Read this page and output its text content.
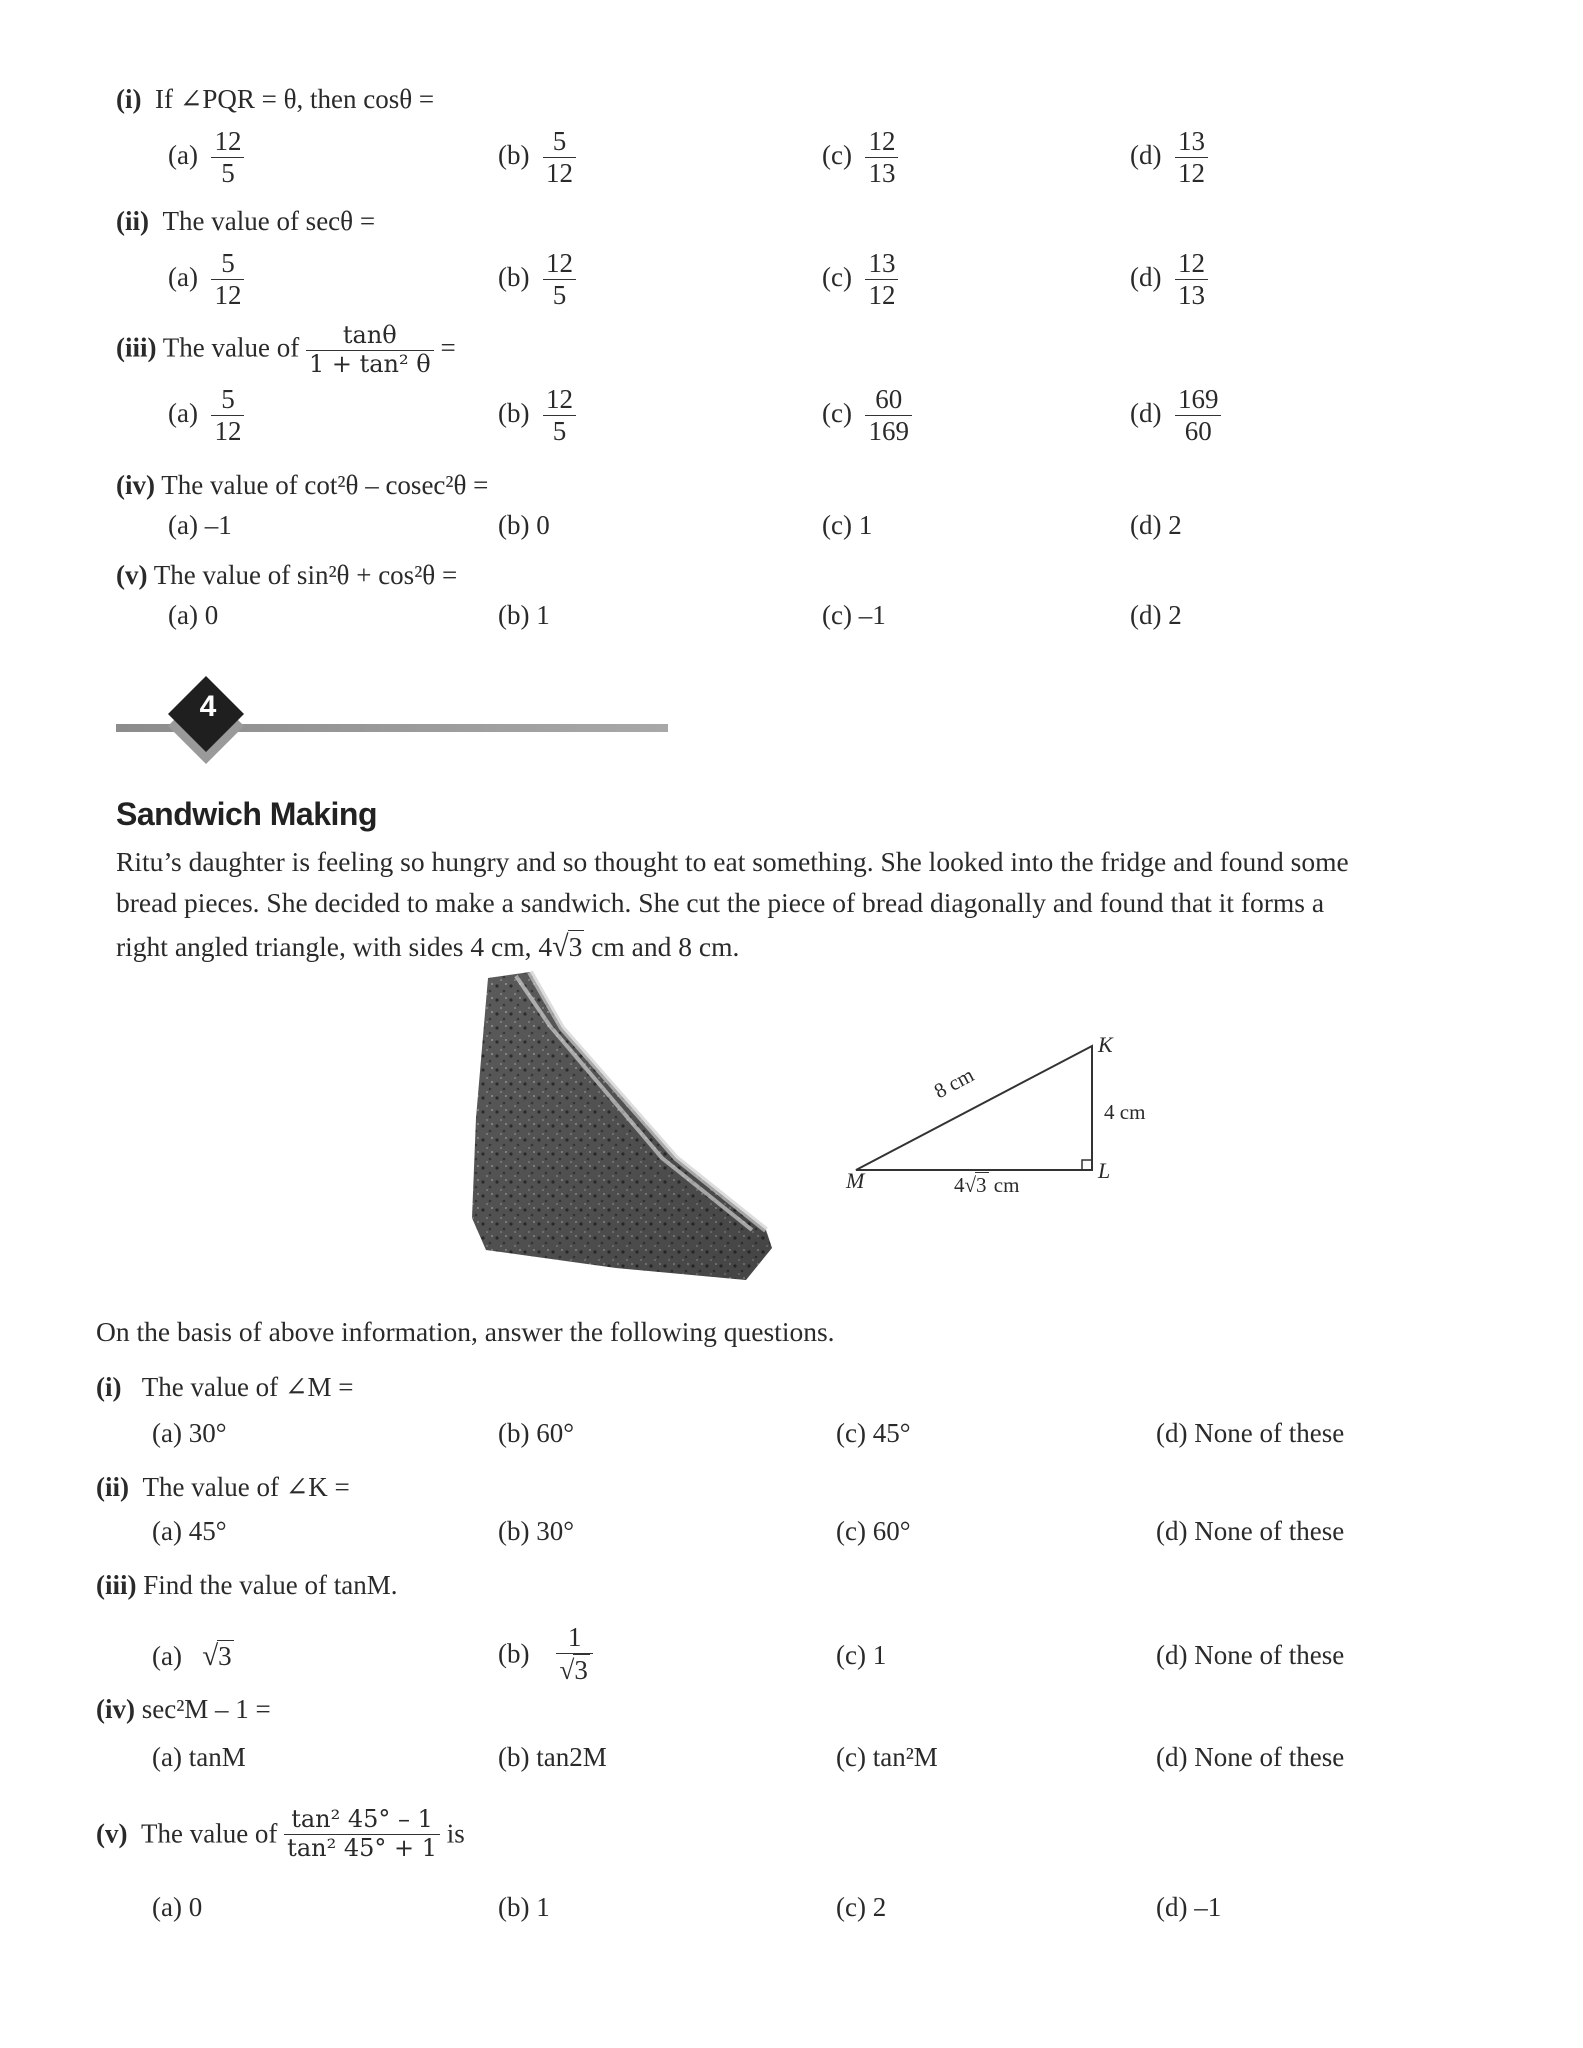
(i) If ∠PQR = θ, then cosθ =
$(a) \frac{12}{5}$	$(b) \frac{5}{12}$	$(c) \frac{12}{13}$	$(d) \frac{13}{12}$
(ii) The value of secθ =
$(a) \frac{5}{12}$	$(b) \frac{12}{5}$	$(c) \frac{13}{12}$	$(d) \frac{12}{13}$
(iii) The value of $\frac{\tan\theta}{\text{1 + tan² θ}}$ =
$(a) \frac{5}{12}$	$(b) \frac{12}{5}$	$(c) \frac{60}{169}$	$(d) \frac{169}{60}$
(iv) The value of cot²θ – cosec²θ =
(a) –1	(b) 0	(c) 1	(d) 2
(v) The value of sin²θ + cos²θ =
(a) 0	(b) 1	(c) –1	(d) 2
4
Sandwich Making
Ritu’s daughter is feeling so hungry and so thought to eat something. She looked into the fridge and found some
bread pieces. She decided to make a sandwich. She cut the piece of bread diagonally and found that it forms a
right angled triangle, with sides 4 cm, 4√3 cm and 8 cm.
K
L
M
8 cm
4 cm
4√3 cm
On the basis of above information, answer the following questions.
(i) The value of ∠M =
(a) 30°	(b) 60°	(c) 45°	(d) None of these
(ii) The value of ∠K =
(a) 45°	(b) 30°	(c) 60°	(d) None of these
(iii) Find the value of tanM.
(a) √3	$(b) \frac{1}{√3}$	(c) 1	(d) None of these
(iv) sec²M – 1 =
(a) tanM	(b) tan2M	(c) tan²M	(d) None of these
(v) The value of $\frac{\text{tan² 45° – 1}}{\text{tan² 45° + 1}}$ is
(a) 0	(b) 1	(c) 2	(d) –1
